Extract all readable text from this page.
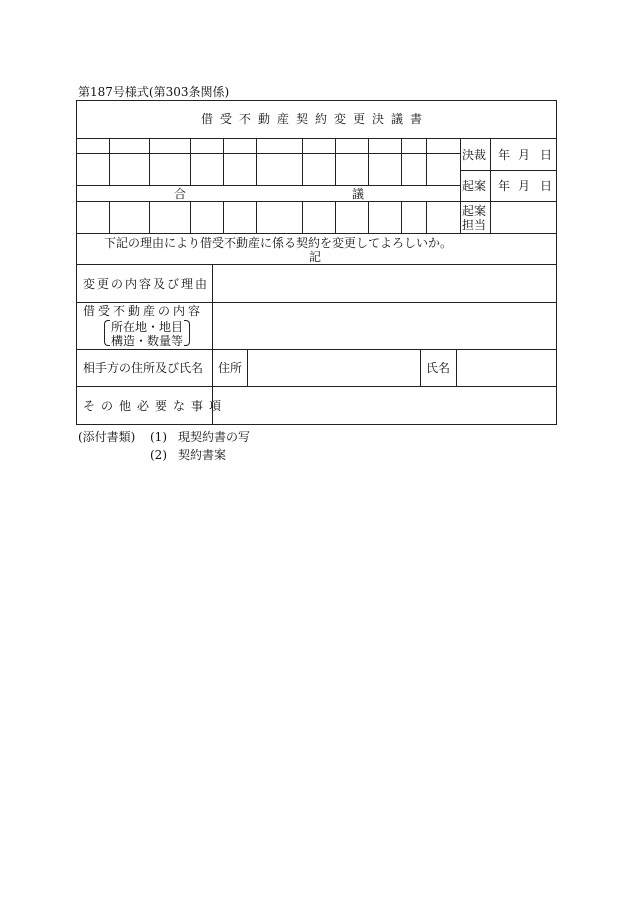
第187号様式(第303条関係)
借受不動産契約変更決議書
合	議
決裁 年 月 日
起案 年 月 日
起案
担当
下記の理由により借受不動産に係る契約を変更してよろしいか。
記
変更の内容及び理由
借受不動産の内容
所在地・地目
構造・数量等
相手方の住所及び氏名 住所	氏名
その他必要な事項
(添付書類) (1) 現契約書の写
(2) 契約書案
